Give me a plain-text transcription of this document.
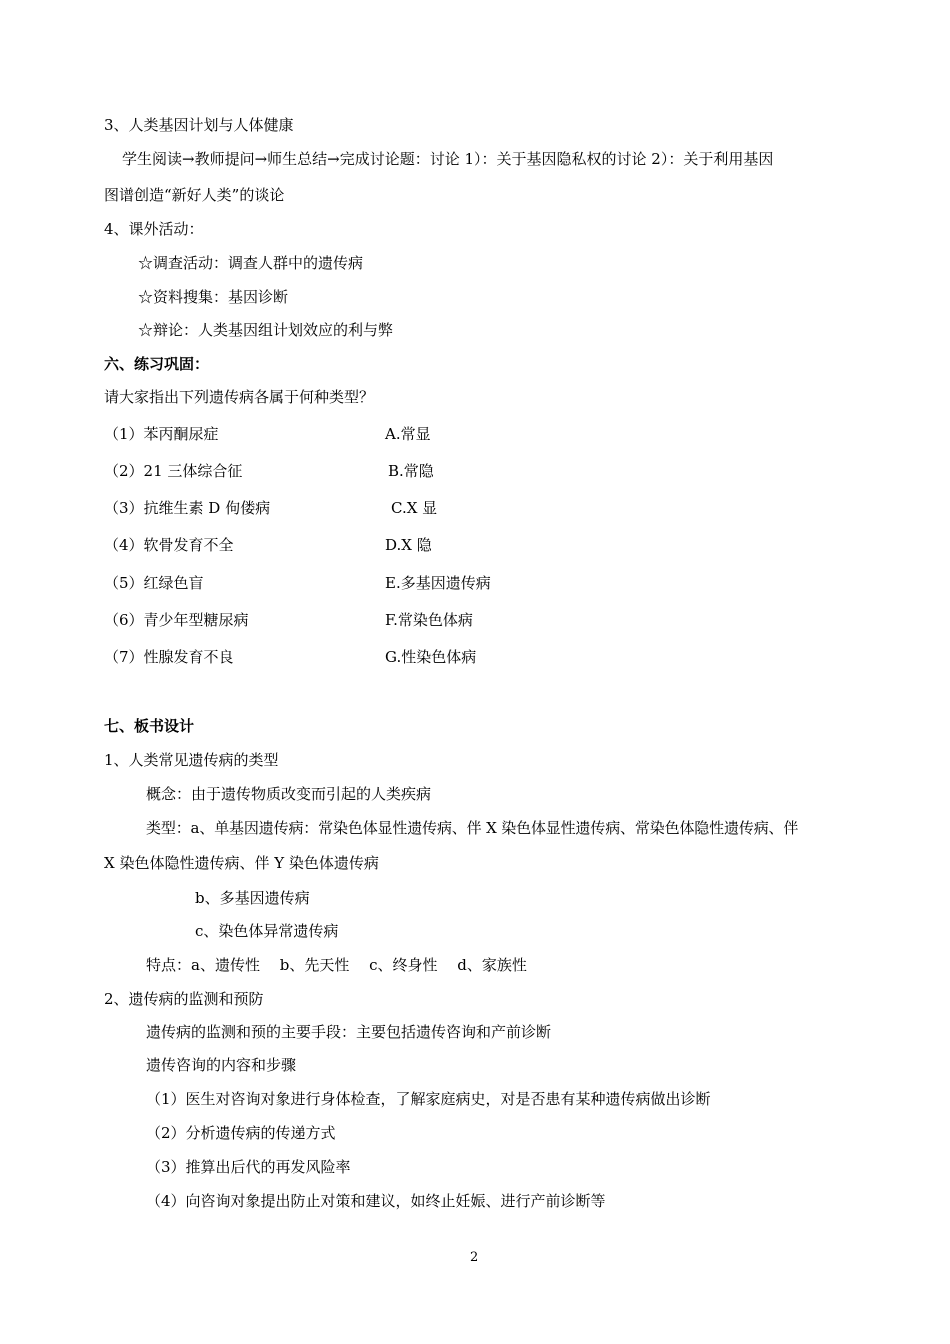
3、人类基因计划与人体健康
学生阅读→教师提问→师生总结→完成讨论题：讨论 1）：关于基因隐私权的讨论 2）：关于利用基因
图谱创造“新好人类”的谈论
4、课外活动：
☆调查活动：调查人群中的遗传病
☆资料搜集：基因诊断
☆辩论：人类基因组计划效应的利与弊
六、练习巩固：
请大家指出下列遗传病各属于何种类型？
（1）苯丙酮尿症	A.常显
（2）21 三体综合征	B.常隐
（3）抗维生素 D 佝偻病	C.X 显
（4）软骨发育不全	D.X 隐
（5）红绿色盲	E.多基因遗传病
（6）青少年型糖尿病	F.常染色体病
（7）性腺发育不良	G.性染色体病
七、板书设计
1、人类常见遗传病的类型
概念：由于遗传物质改变而引起的人类疾病
类型：a、单基因遗传病：常染色体显性遗传病、伴 X 染色体显性遗传病、常染色体隐性遗传病、伴
X 染色体隐性遗传病、伴 Y 染色体遗传病
b、多基因遗传病
c、染色体异常遗传病
特点：a、遗传性　 b、先天性　 c、终身性　 d、家族性
2、遗传病的监测和预防
遗传病的监测和预的主要手段：主要包括遗传咨询和产前诊断
遗传咨询的内容和步骤
（1）医生对咨询对象进行身体检查，了解家庭病史，对是否患有某种遗传病做出诊断
（2）分析遗传病的传递方式
（3）推算出后代的再发风险率
（4）向咨询对象提出防止对策和建议，如终止妊娠、进行产前诊断等
2
